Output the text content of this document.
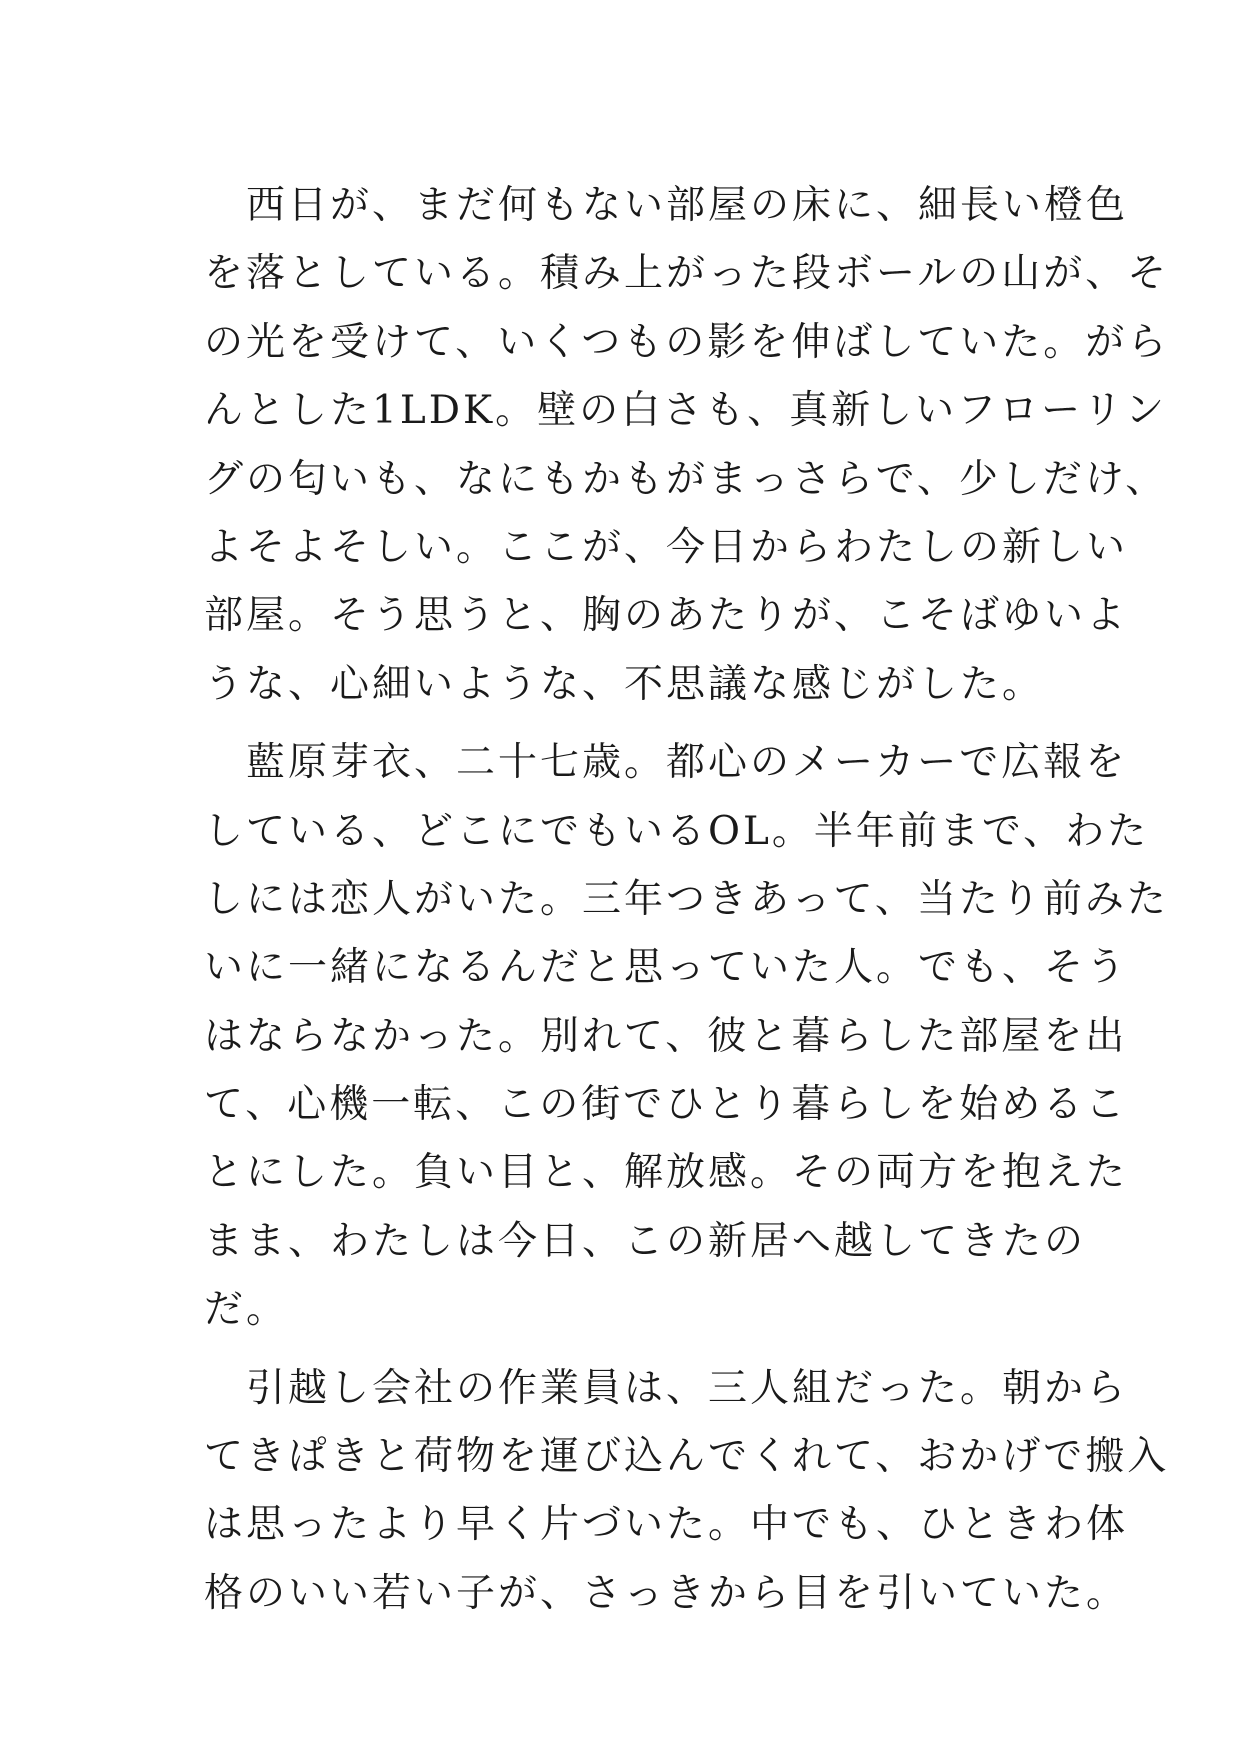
　西日が、まだ何もない部屋の床に、細長い橙色
を落としている。積み上がった段ボールの山が、そ
の光を受けて、いくつもの影を伸ばしていた。がら
んとした1LDK。壁の白さも、真新しいフローリン
グの匂いも、なにもかもがまっさらで、少しだけ、
よそよそしい。ここが、今日からわたしの新しい
部屋。そう思うと、胸のあたりが、こそばゆいよ
うな、心細いような、不思議な感じがした。
　藍原芽衣、二十七歳。都心のメーカーで広報を
している、どこにでもいるOL。半年前まで、わた
しには恋人がいた。三年つきあって、当たり前みた
いに一緒になるんだと思っていた人。でも、そう
はならなかった。別れて、彼と暮らした部屋を出
て、心機一転、この街でひとり暮らしを始めるこ
とにした。負い目と、解放感。その両方を抱えた
まま、わたしは今日、この新居へ越してきたの
だ。
　引越し会社の作業員は、三人組だった。朝から
てきぱきと荷物を運び込んでくれて、おかげで搬入
は思ったより早く片づいた。中でも、ひときわ体
格のいい若い子が、さっきから目を引いていた。
